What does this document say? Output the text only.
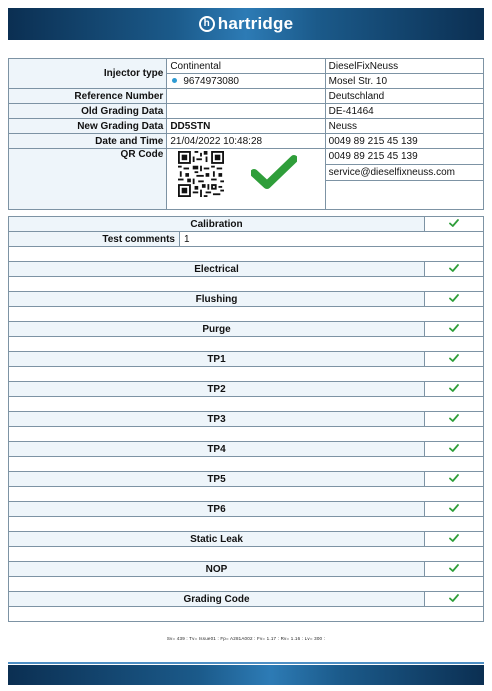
h hartridge
Injector type	Continental	DieselFixNeuss
	9674973080	Mosel Str. 10
Reference Number		Deutschland
Old Grading Data		DE-41464
New Grading Data	DD5STN	Neuss
Date and Time	21/04/2022 10:48:28	0049 89 215 45 139
QR Code		0049 89 215 45 139
		service@dieselfixneuss.com

Calibration	
Test comments	1	

Electrical	

Flushing	

Purge	

TP1	

TP2	

TP3	

TP4	

TP5	

TP6	

Static Leak	

NOP	

Grading Code	

Sv= 439 : Tv= Issue01 : Fp= A281A002 : Fv= 1.17 : Rv= 1.16 : Lv= 300 :
